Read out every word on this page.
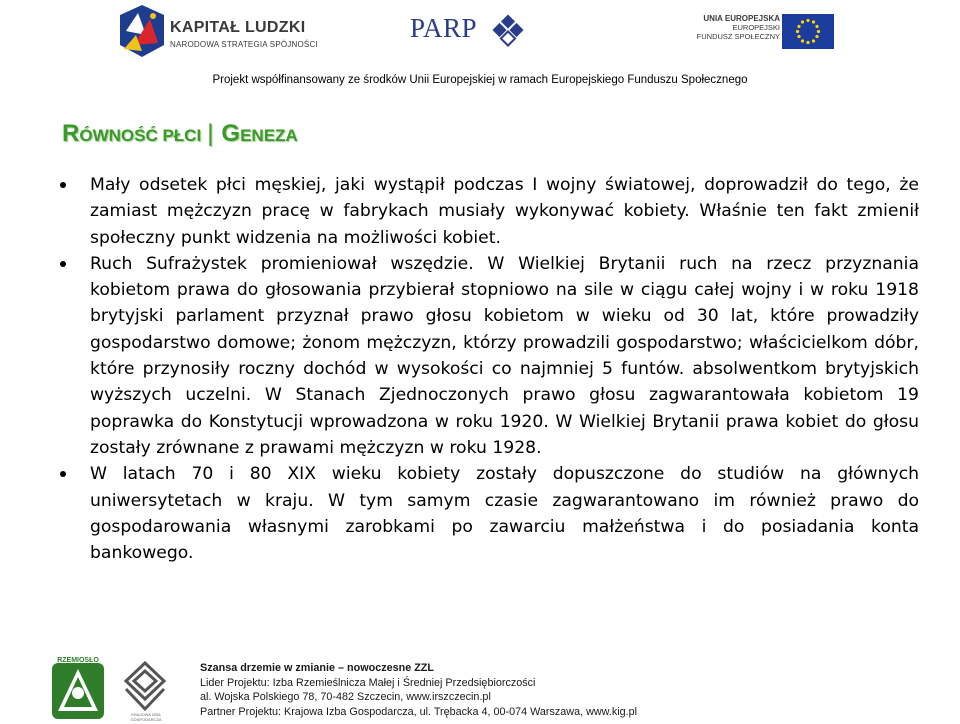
KAPITAŁ LUDZKI
NARODOWA STRATEGIA SPÓJNOŚCI
PARP	UNIA EUROPEJSKA
EUROPEJSKI
FUNDUSZ SPOŁECZNY
Projekt współfinansowany ze środków Unii Europejskiej w ramach Europejskiego Funduszu Społecznego
RÓWNOŚĆ PŁCI | GENEZA

Mały odsetek płci męskiej, jaki wystąpił podczas I wojny światowej, doprowadził do tego, że zamiast mężczyzn pracę w fabrykach musiały wykonywać kobiety. Właśnie ten fakt zmienił społeczny punkt widzenia na możliwości kobiet.

Ruch Sufrażystek promieniował wszędzie. W Wielkiej Brytanii ruch na rzecz przyznania kobietom prawa do głosowania przybierał stopniowo na sile w ciągu całej wojny i w roku 1918 brytyjski parlament przyznał prawo głosu kobietom w wieku od 30 lat, które prowadziły gospodarstwo domowe; żonom mężczyzn, którzy prowadzili gospodarstwo; właścicielkom dóbr, które przynosiły roczny dochód w wysokości co najmniej 5 funtów. absolwentkom brytyjskich wyższych uczelni. W Stanach Zjednoczonych prawo głosu zagwarantowała kobietom 19 poprawka do Konstytucji wprowadzona w roku 1920. W Wielkiej Brytanii prawa kobiet do głosu zostały zrównane z prawami mężczyzn w roku 1928.

W latach 70 i 80 XIX wieku kobiety zostały dopuszczone do studiów na głównych uniwersytetach w kraju. W tym samym czasie zagwarantowano im również prawo do gospodarowania własnymi zarobkami po zawarciu małżeństwa i do posiadania konta bankowego.

RZEMIOSŁO
KRAJOWA IZBA GOSPODARCZA
Szansa drzemie w zmianie – nowoczesne ZZL
Lider Projektu: Izba Rzemieślnicza Małej i Średniej Przedsiębiorczości
al. Wojska Polskiego 78, 70-482 Szczecin, www.irszczecin.pl
Partner Projektu: Krajowa Izba Gospodarcza, ul. Trębacka 4, 00-074 Warszawa, www.kig.pl
